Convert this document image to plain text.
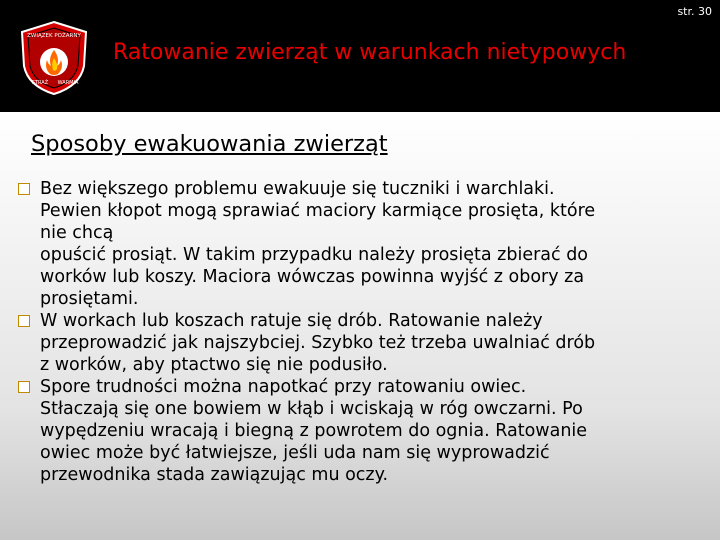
str. 30
ZWIĄZEK POŻARNY
STRAŻ WARMIA
Ratowanie zwierząt w warunkach nietypowych
Sposoby ewakuowania zwierząt
Bez większego problemu ewakuuje się tuczniki i warchlaki.
Pewien kłopot mogą sprawiać maciory karmiące prosięta, które
nie chcą
opuścić prosiąt. W takim przypadku należy prosięta zbierać do
worków lub koszy. Maciora wówczas powinna wyjść z obory za
prosiętami.
W workach lub koszach ratuje się drób. Ratowanie należy
przeprowadzić jak najszybciej. Szybko też trzeba uwalniać drób
z worków, aby ptactwo się nie podusiło.
Spore trudności można napotkać przy ratowaniu owiec.
Stłaczają się one bowiem w kłąb i wciskają w róg owczarni. Po
wypędzeniu wracają i biegną z powrotem do ognia. Ratowanie
owiec może być łatwiejsze, jeśli uda nam się wyprowadzić
przewodnika stada zawiązując mu oczy.
